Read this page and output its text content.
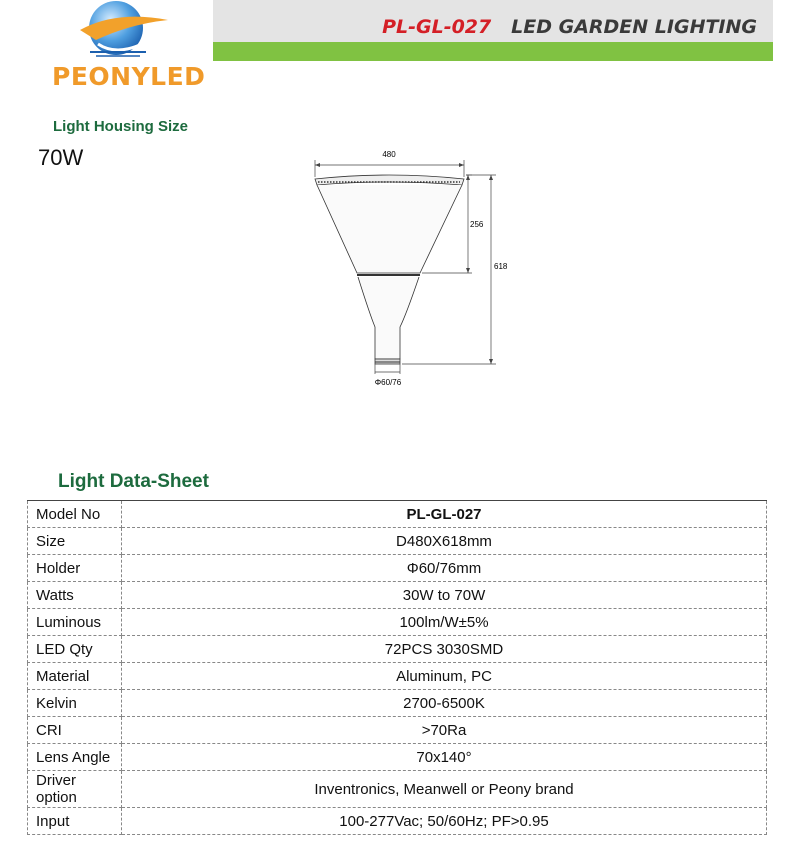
PEONYLED
PL-GL-027 LED GARDEN LIGHTING
Light Housing Size
70W	480
Φ60/76
256
618
Light Data-Sheet
Model No	PL-GL-027
Size	D480X618mm
Holder	Φ60/76mm
Watts	30W to 70W
Luminous	100lm/W±5%
LED Qty	72PCS 3030SMD
Material	Aluminum, PC
Kelvin	2700-6500K
CRI	>70Ra
Lens Angle	70x140°
Driver option	Inventronics, Meanwell or Peony brand
Input	100-277Vac; 50/60Hz; PF>0.95
